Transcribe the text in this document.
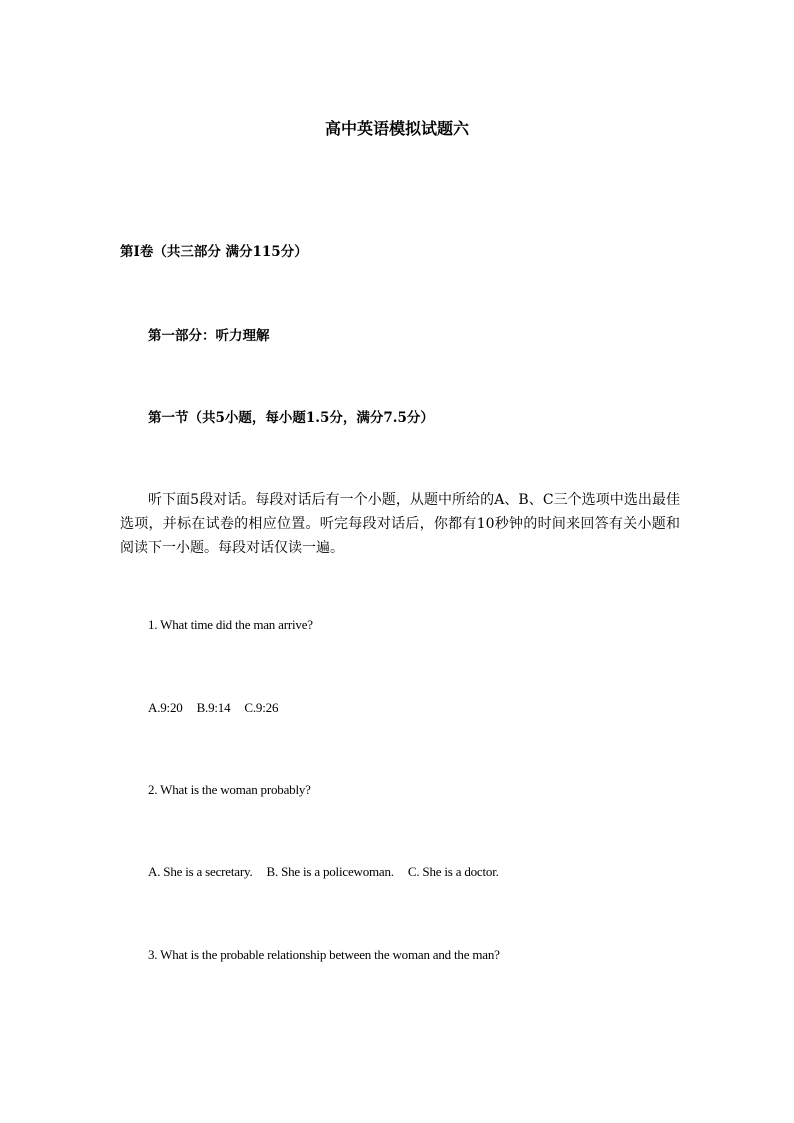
高中英语模拟试题六
第Ⅰ卷（共三部分 满分115分）
第一部分：听力理解
第一节（共5小题，每小题1.5分，满分7.5分）

听下面5段对话。每段对话后有一个小题，从题中所给的A、B、C三个选项中选出最佳选项，并标在试卷的相应位置。听完每段对话后，你都有10秒钟的时间来回答有关小题和阅读下一小题。每段对话仅读一遍。

1. What time did the man arrive?
A.9:20 B.9:14 C.9:26
2. What is the woman probably?
A. She is a secretary. B. She is a policewoman. C. She is a doctor.
3. What is the probable relationship between the woman and the man?
